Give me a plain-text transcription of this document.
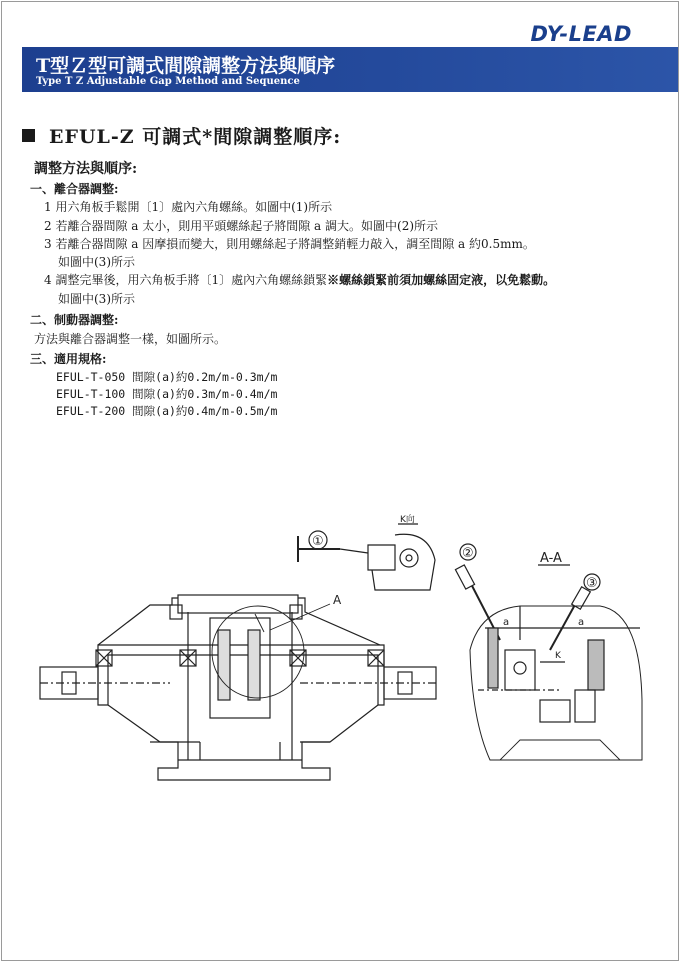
DY-LEAD
T型Ｚ型可調式間隙調整方法與順序
Type T Z Adjustable Gap Method and Sequence
EFUL-Z 可調式*間隙調整順序:
調整方法與順序:
一、離合器調整:
1 用六角板手鬆開〔1〕處內六角螺絲。如圖中(1)所示
2 若離合器間隙 a 太小，則用平頭螺絲起子將間隙 a 調大。如圖中(2)所示
3 若離合器間隙 a 因摩損而變大，則用螺絲起子將調整銷輕力敲入，調至間隙 a 約0.5mm。
如圖中(3)所示
4 調整完畢後，用六角板手將〔1〕處內六角螺絲鎖緊※螺絲鎖緊前須加螺絲固定液，以免鬆動。
如圖中(3)所示
二、制動器調整:
方法與離合器調整一樣，如圖所示。
三、適用規格:
EFUL-T-050 間隙(a)約0.2m/m-0.3m/m
EFUL-T-100 間隙(a)約0.3m/m-0.4m/m
EFUL-T-200 間隙(a)約0.4m/m-0.5m/m
A
①
K向
A-A
②
③
a	a
K
